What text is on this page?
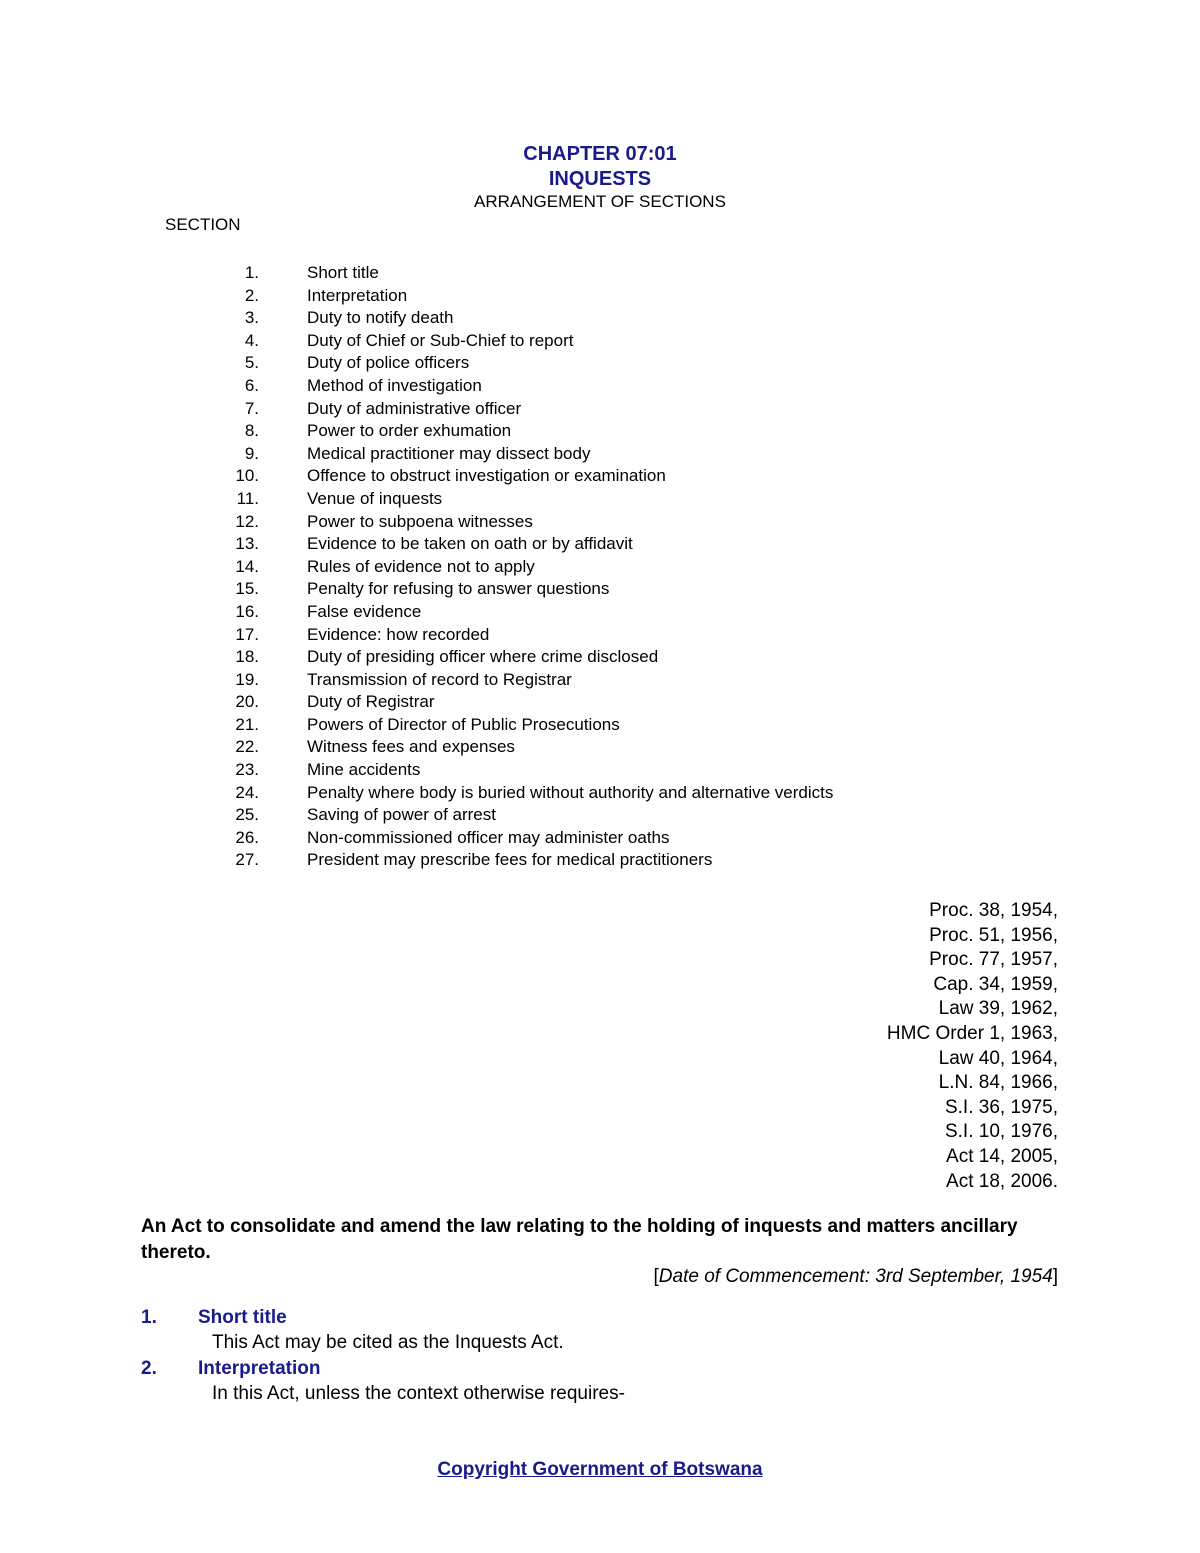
CHAPTER 07:01
INQUESTS
ARRANGEMENT OF SECTIONS
SECTION
1.	Short title
2.	Interpretation
3.	Duty to notify death
4.	Duty of Chief or Sub-Chief to report
5.	Duty of police officers
6.	Method of investigation
7.	Duty of administrative officer
8.	Power to order exhumation
9.	Medical practitioner may dissect body
10.	Offence to obstruct investigation or examination
11.	Venue of inquests
12.	Power to subpoena witnesses
13.	Evidence to be taken on oath or by affidavit
14.	Rules of evidence not to apply
15.	Penalty for refusing to answer questions
16.	False evidence
17.	Evidence: how recorded
18.	Duty of presiding officer where crime disclosed
19.	Transmission of record to Registrar
20.	Duty of Registrar
21.	Powers of Director of Public Prosecutions
22.	Witness fees and expenses
23.	Mine accidents
24.	Penalty where body is buried without authority and alternative verdicts
25.	Saving of power of arrest
26.	Non-commissioned officer may administer oaths
27.	President may prescribe fees for medical practitioners
Proc. 38, 1954,
Proc. 51, 1956,
Proc. 77, 1957,
Cap. 34, 1959,
Law 39, 1962,
HMC Order 1, 1963,
Law 40, 1964,
L.N. 84, 1966,
S.I. 36, 1975,
S.I. 10, 1976,
Act 14, 2005,
Act 18, 2006.
An Act to consolidate and amend the law relating to the holding of inquests and matters ancillary thereto.
[Date of Commencement: 3rd September, 1954]
1. Short title
This Act may be cited as the Inquests Act.
2. Interpretation
In this Act, unless the context otherwise requires-
Copyright Government of Botswana
